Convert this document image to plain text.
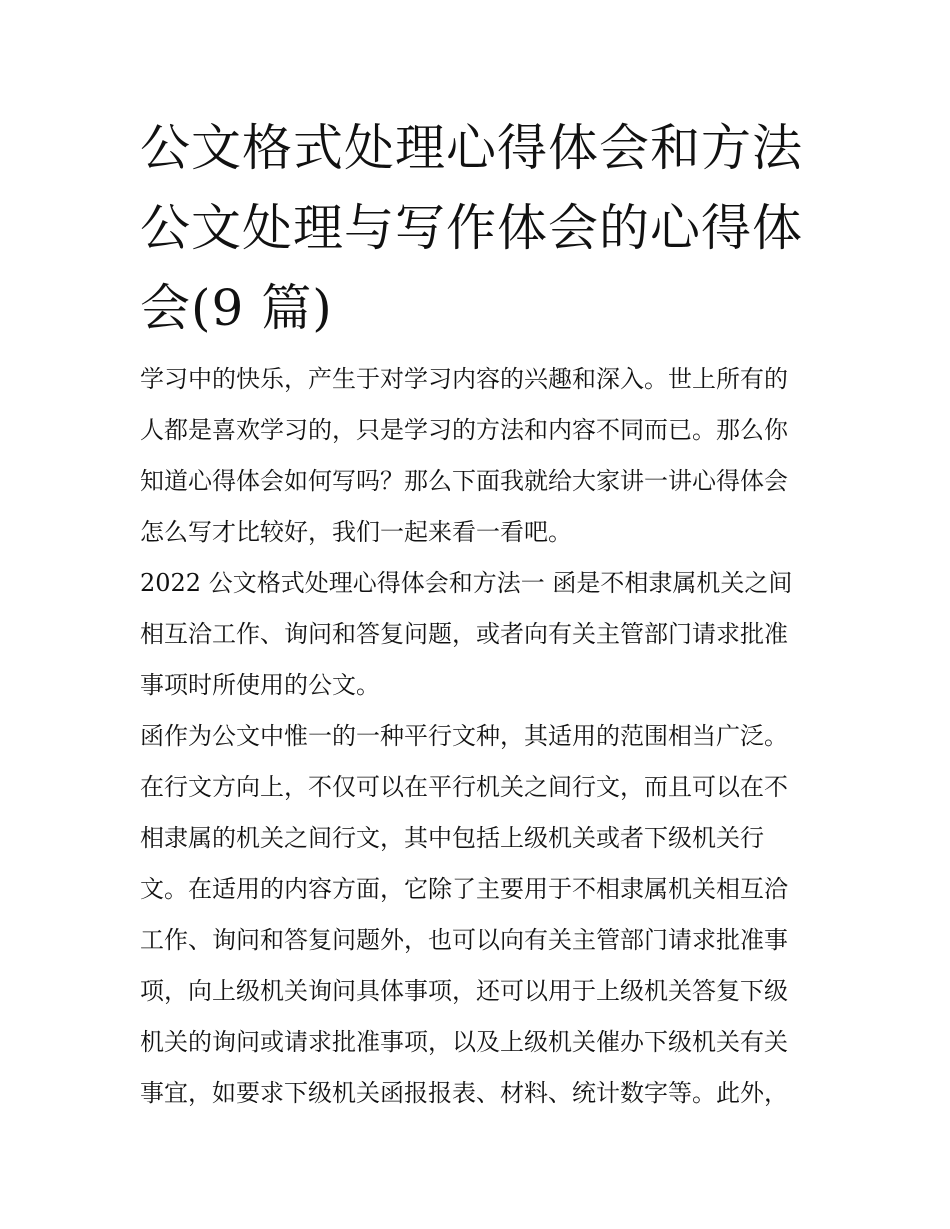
公文格式处理心得体会和方法
公文处理与写作体会的心得体
会(9 篇)
学习中的快乐，产生于对学习内容的兴趣和深入。世上所有的
人都是喜欢学习的，只是学习的方法和内容不同而已。那么你
知道心得体会如何写吗？那么下面我就给大家讲一讲心得体会
怎么写才比较好，我们一起来看一看吧。
2022 公文格式处理心得体会和方法一 函是不相隶属机关之间
相互洽工作、询问和答复问题，或者向有关主管部门请求批准
事项时所使用的公文。
函作为公文中惟一的一种平行文种，其适用的范围相当广泛。
在行文方向上，不仅可以在平行机关之间行文，而且可以在不
相隶属的机关之间行文，其中包括上级机关或者下级机关行
文。在适用的内容方面，它除了主要用于不相隶属机关相互洽
工作、询问和答复问题外，也可以向有关主管部门请求批准事
项，向上级机关询问具体事项，还可以用于上级机关答复下级
机关的询问或请求批准事项，以及上级机关催办下级机关有关
事宜，如要求下级机关函报报表、材料、统计数字等。此外，
